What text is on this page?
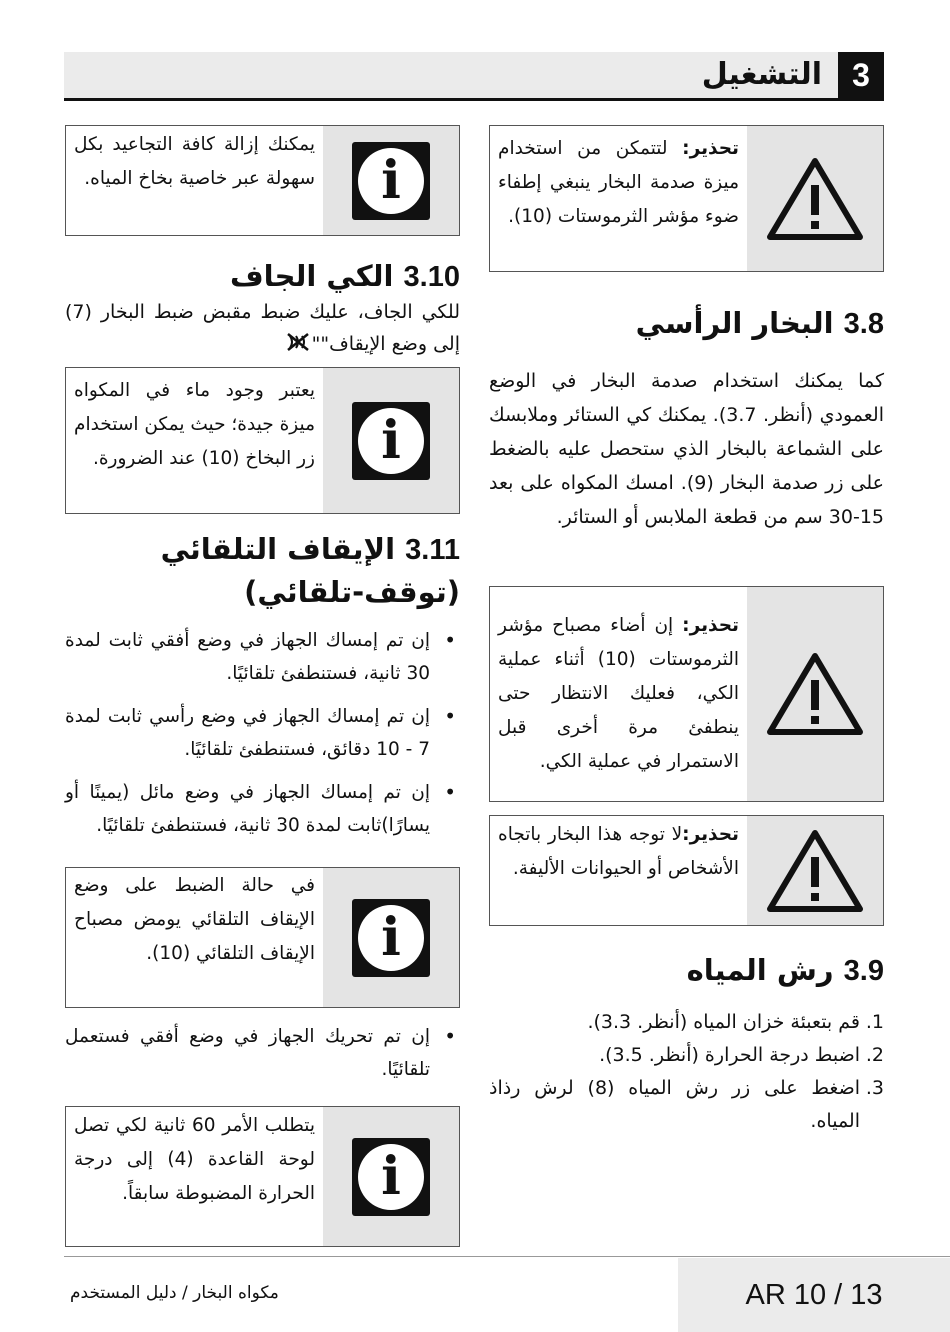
التشغيل 3
تحذير: لتتمكن من استخدام ميزة صدمة البخار ينبغي إطفاء ضوء مؤشر الثرموستات (10).
3.8 البخار الرأسي
كما يمكنك استخدام صدمة البخار في الوضع العمودي (أنظر. 3.7). يمكنك كي الستائر وملابسك على الشماعة بالبخار الذي ستحصل عليه بالضغط على زر صدمة البخار (9). امسك المكواه على بعد 15-30 سم من قطعة الملابس أو الستائر.
تحذير: إن أضاء مصباح مؤشر الثرموستات (10) أثناء عملية الكي، فعليك الانتظار حتى ينطفئ مرة أخرى قبل الاستمرار في عملية الكي.
تحذير:لا توجه هذا البخار باتجاه الأشخاص أو الحيوانات الأليفة.
3.9 رش المياه
1.
قم بتعبئة خزان المياه (أنظر. 3.3).
2.
اضبط درجة الحرارة (أنظر. 3.5).
3.
اضغط على زر رش المياه (8) لرش رذاذ المياه.
i
يمكنك إزالة كافة التجاعيد بكل سهولة عبر خاصية بخاخ المياه.
3.10 الكي الجاف
للكي الجاف، عليك ضبط مقبض ضبط البخار (7) إلى وضع الإيقاف""
i
يعتبر وجود ماء في المكواه ميزة جيدة؛ حيث يمكن استخدام زر البخاخ (10) عند الضرورة.
3.11 الإيقاف التلقائي (توقف-تلقائي)
• إن تم إمساك الجهاز في وضع أفقي ثابت لمدة 30 ثانية، فستنطفئ تلقائيًا.
• إن تم إمساك الجهاز في وضع رأسي ثابت لمدة 7 - 10 دقائق، فستنطفئ تلقائيًا.
• إن تم إمساك الجهاز في وضع مائل (يمينًا أو يسارًا)ثابت لمدة 30 ثانية، فستنطفئ تلقائيًا.
i
في حالة الضبط على وضع الإيقاف التلقائي يومض مصباح الإيقاف التلقائي (10).
• إن تم تحريك الجهاز في وضع أفقي فستعمل تلقائيًا.
i
يتطلب الأمر 60 ثانية لكي تصل لوحة القاعدة (4) إلى درجة الحرارة المضبوطة سابقاً.
مكواه البخار / دليل المستخدم	AR 10 / 13
